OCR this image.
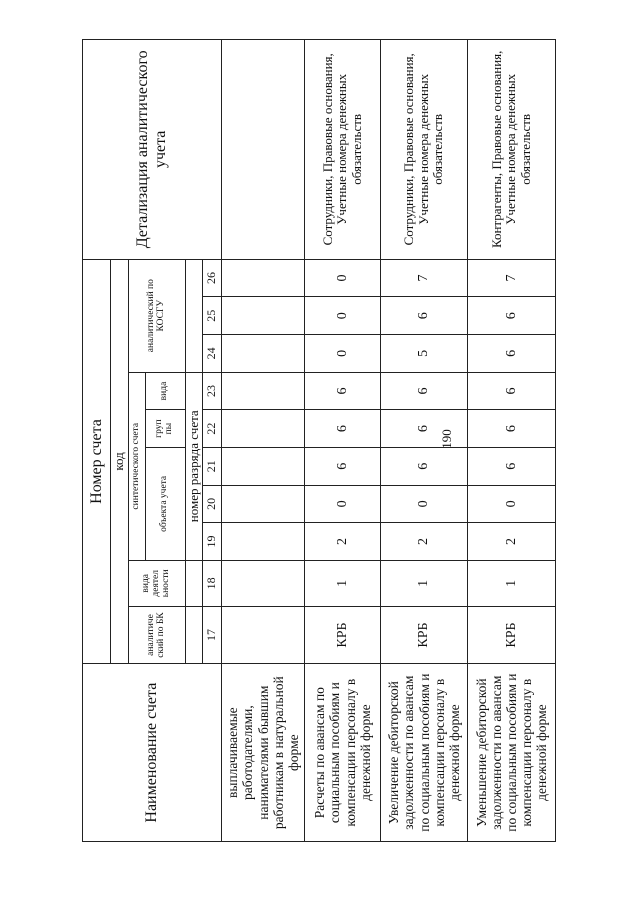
190
Наименование счета	Номер счета										Детализация аналитического учета
	код										
	аналитиче ский по БК	вида деятел ьности	синтетического счета					аналитический по КОСГУ			
			объекта учета			груп пы	вида				
			номер разряда счета								
	17	18	19	20	21	22	23	24	25	26	
выплачиваемые работодателями, нанимателями бывшим работникам в натуральной форме											
Расчеты по авансам по социальным пособиям и компенсации персоналу в денежной форме	КРБ	1	2	0	6	6	6	0	0	0	Сотрудники, Правовые основания, Учетные номера денежных обязательств
Увеличение дебиторской задолженности по авансам по социальным пособиям и компенсации персоналу в денежной форме	КРБ	1	2	0	6	6	6	5	6	7	Сотрудники, Правовые основания, Учетные номера денежных обязательств
Уменьшение дебиторской задолженности по авансам по социальным пособиям и компенсации персоналу в денежной форме	КРБ	1	2	0	6	6	6	6	6	7	Контрагенты, Правовые основания, Учетные номера денежных обязательств
